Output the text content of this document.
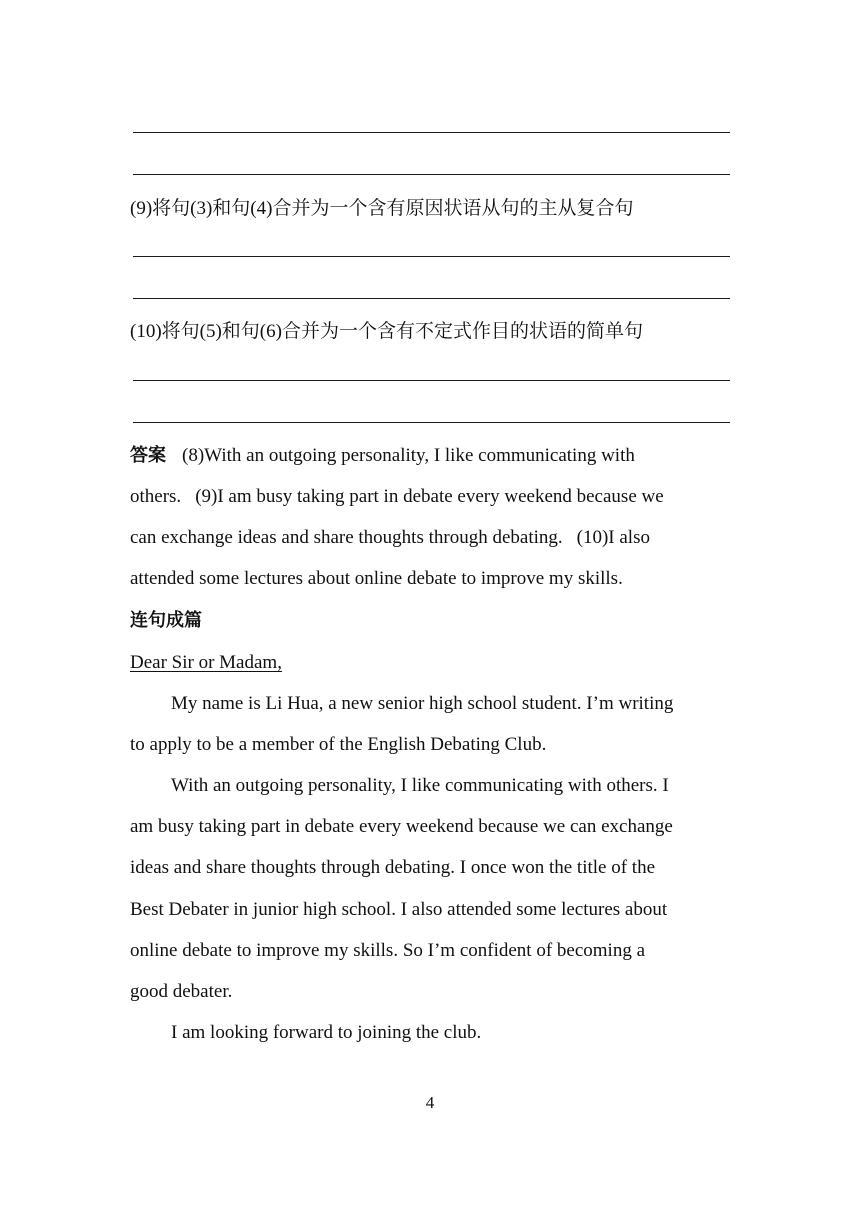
(9)将句(3)和句(4)合并为一个含有原因状语从句的主从复合句
(10)将句(5)和句(6)合并为一个含有不定式作目的状语的简单句
答案 (8)With an outgoing personality, I like communicating with
others. (9)I am busy taking part in debate every weekend because we
can exchange ideas and share thoughts through debating. (10)I also
attended some lectures about online debate to improve my skills.
连句成篇
Dear Sir or Madam,
My name is Li Hua, a new senior high school student. I’m writing
to apply to be a member of the English Debating Club.
With an outgoing personality, I like communicating with others. I
am busy taking part in debate every weekend because we can exchange
ideas and share thoughts through debating. I once won the title of the
Best Debater in junior high school. I also attended some lectures about
online debate to improve my skills. So I’m confident of becoming a
good debater.
I am looking forward to joining the club.
4
